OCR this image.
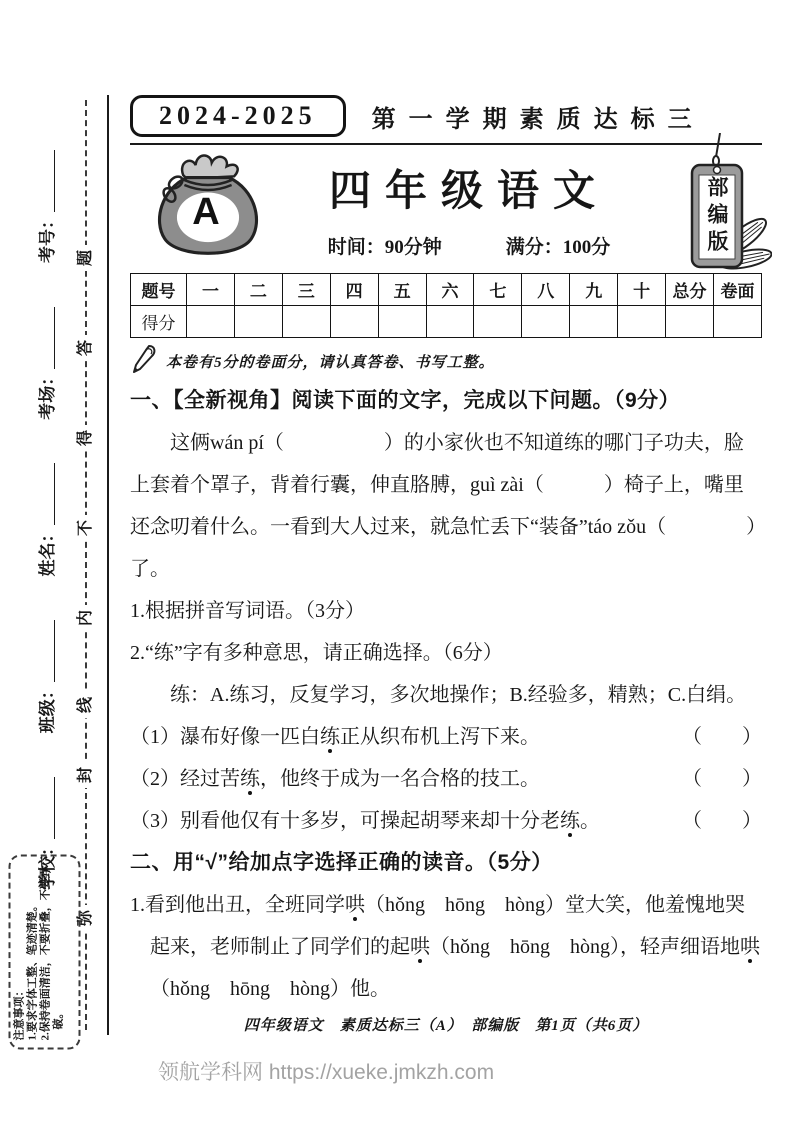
题
答
得
不
内
线
封
弥
学校：
班级：
姓名：
考场：
考号：
注意事项： 1.要求字体工整、笔迹清楚。 2.保持卷面清洁，不要折叠，不要弄破。
2024-2025	第一学期素质达标三
A	四年级语文
时间：90分钟	满分：100分	部编版
题号	一	二	三	四	五	六	七	八	九	十	总分	卷面
得分												
本卷有5分的卷面分，请认真答卷、书写工整。
一、【全新视角】阅读下面的文字，完成以下问题。（9分）

这俩wán pí（　　　　　）的小家伙也不知道练的哪门子功夫，脸上套着个罩子，背着行囊，伸直胳膊，guì zài（　　　）椅子上，嘴里还念叨着什么。一看到大人过来，就急忙丢下“装备”táo zǒu（　　　　）了。

1.根据拼音写词语。（3分）

2.“练”字有多种意思，请正确选择。（6分）

练：A.练习，反复学习，多次地操作；B.经验多，精熟；C.白绢。

（1）瀑布好像一匹白练正从织布机上泻下来。	（　　）
（2）经过苦练，他终于成为一名合格的技工。	（　　）
（3）别看他仅有十多岁，可操起胡琴来却十分老练。	（　　）
二、用“√”给加点字选择正确的读音。（5分）

1.看到他出丑，全班同学哄（hǒng　hōng　hòng）堂大笑，他羞愧地哭起来，老师制止了同学们的起哄（hǒng　hōng　hòng），轻声细语地哄（hǒng　hōng　hòng）他。

四年级语文　素质达标三（A）　部编版　第1页（共6页）
领航学科网 https://xueke.jmkzh.com
